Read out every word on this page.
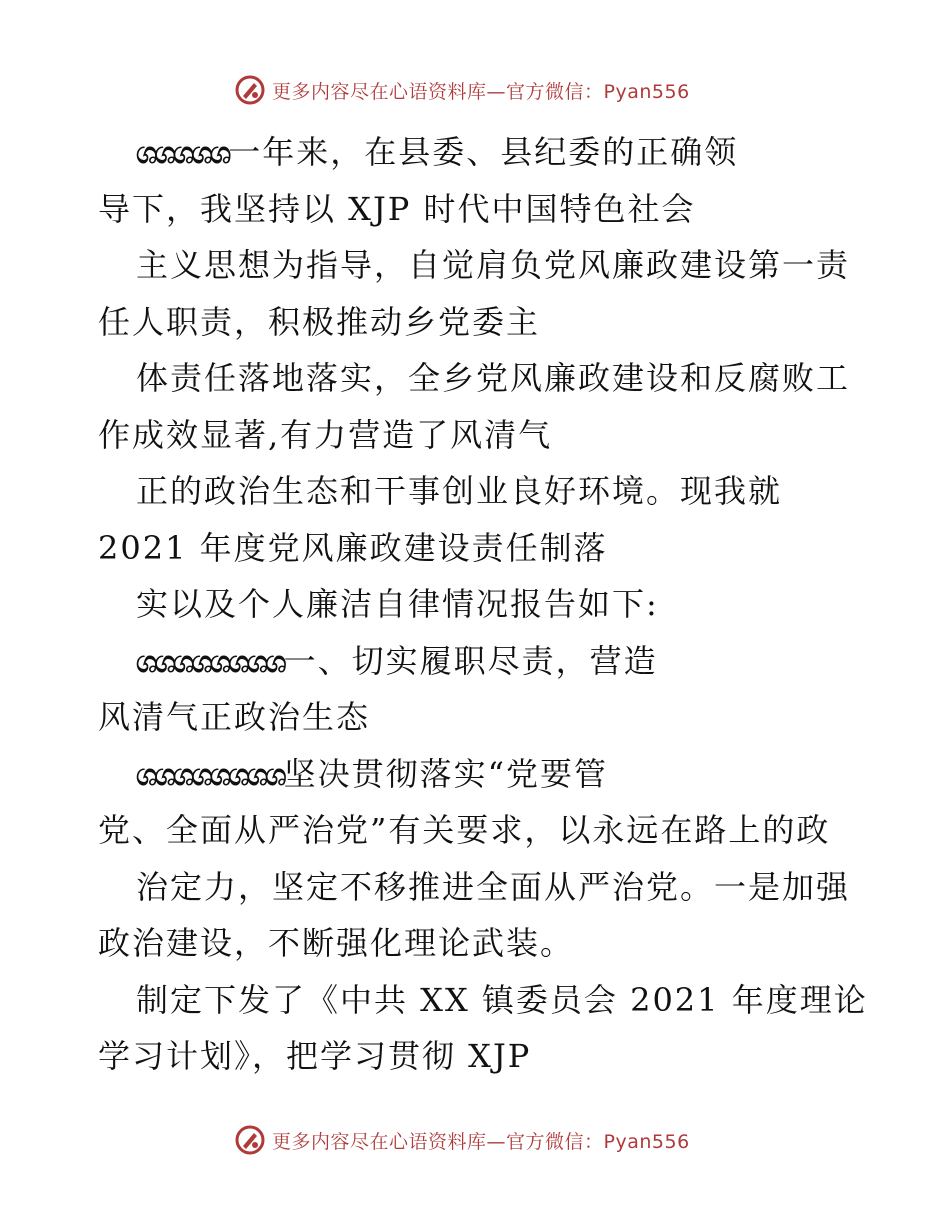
更多内容尽在心语资料库—官方微信：Pyan556
ශශශශශ一年来，在县委、县纪委的正确领
导下，我坚持以 XJP 时代中国特色社会
主义思想为指导，自觉肩负党风廉政建设第一责
任人职责，积极推动乡党委主
体责任落地落实，全乡党风廉政建设和反腐败工
作成效显著,有力营造了风清气
正的政治生态和干事创业良好环境。现我就
2021 年度党风廉政建设责任制落
实以及个人廉洁自律情况报告如下:
ශශශශශශශශ一、切实履职尽责，营造
风清气正政治生态
ශශශශශශශශ坚决贯彻落实“党要管
党、全面从严治党”有关要求，以永远在路上的政
治定力，坚定不移推进全面从严治党。一是加强
政治建设，不断强化理论武装。
制定下发了《中共 XX 镇委员会 2021 年度理论
学习计划》，把学习贯彻 XJP
更多内容尽在心语资料库—官方微信：Pyan556
